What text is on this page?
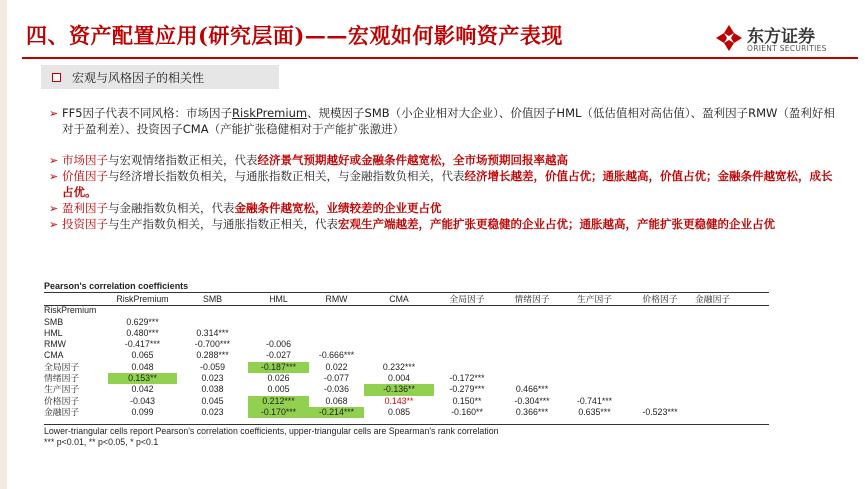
四、资产配置应用(研究层面)——宏观如何影响资产表现	东方证券
ORIENT SECURITIES
宏观与风格因子的相关性
➢ FF5因子代表不同风格：市场因子RiskPremium、规模因子SMB（小企业相对大企业）、价值因子HML（低估值相对高估值）、盈利因子RMW（盈利好相对于盈利差）、投资因子CMA（产能扩张稳健相对于产能扩张激进）
➢ 市场因子与宏观情绪指数正相关，代表经济景气预期越好或金融条件越宽松，全市场预期回报率越高
➢ 价值因子与经济增长指数负相关，与通胀指数正相关，与金融指数负相关，代表经济增长越差，价值占优；通胀越高，价值占优；金融条件越宽松，成长占优。
➢ 盈利因子与金融指数负相关，代表金融条件越宽松，业绩较差的企业更占优
➢ 投资因子与生产指数负相关，与通胀指数正相关，代表宏观生产端越差，产能扩张更稳健的企业占优；通胀越高，产能扩张更稳健的企业占优
Pearson's correlation coefficients
	RiskPremium	SMB	HML	RMW	CMA	全局因子	情绪因子	生产因子	价格因子	金融因子
RiskPremium										
SMB	0.629***									
HML	0.480***	0.314***								
RMW	-0.417***	-0.700***	-0.006							
CMA	0.065	0.288***	-0.027	-0.666***						
全局因子	0.048	-0.059	-0.187***	0.022	0.232***					
情绪因子	0.153**	0.023	0.026	-0.077	0.004	-0.172***				
生产因子	0.042	0.038	0.005	-0.036	-0.136**	-0.279***	0.466***			
价格因子	-0.043	0.045	0.212***	0.068	0.143**	0.150**	-0.304***	-0.741***		
金融因子	0.099	0.023	-0.170***	-0.214***	0.085	-0.160**	0.366***	0.635***	-0.523***	
Lower-triangular cells report Pearson's correlation coefficients, upper-triangular cells are Spearman's rank correlation
*** p<0.01, ** p<0.05, * p<0.1
